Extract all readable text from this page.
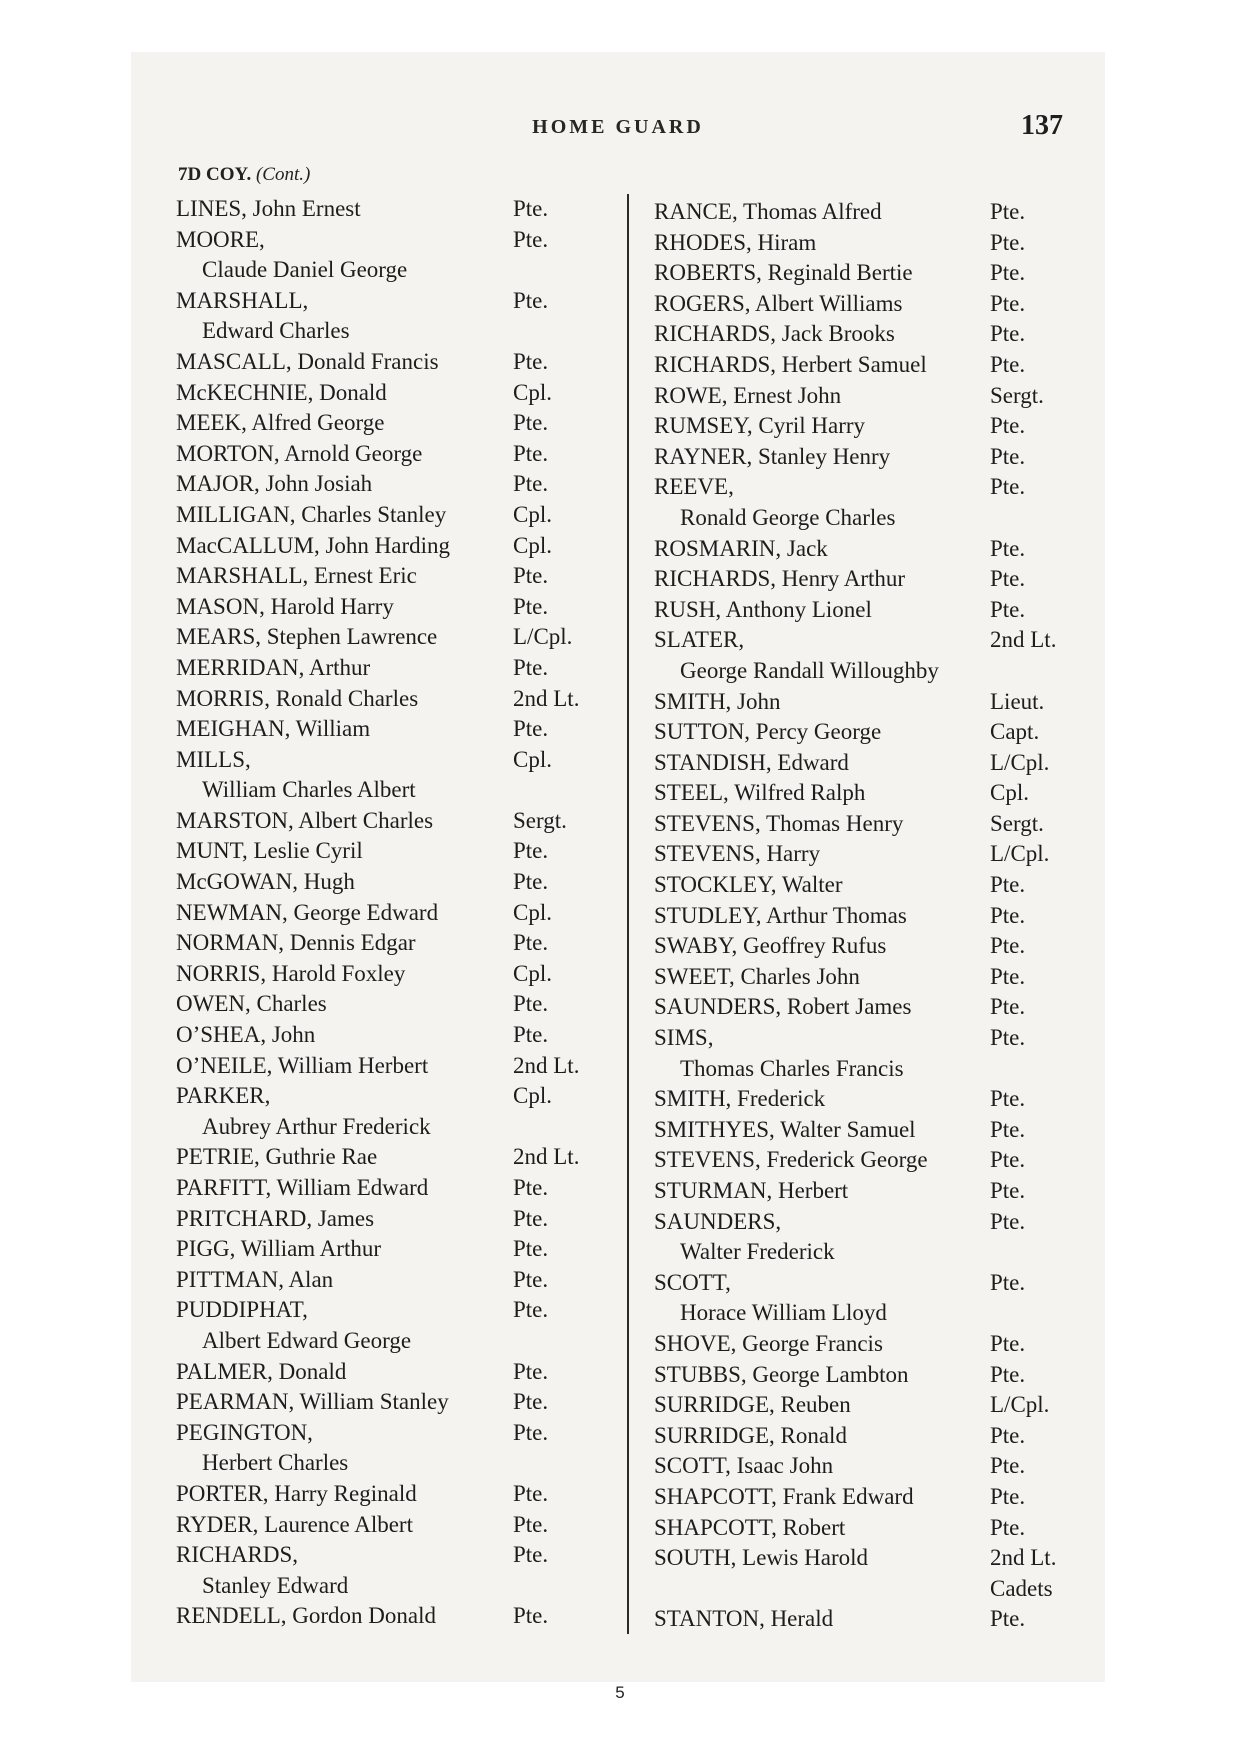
HOME GUARD	137
7D COY. (Cont.)
LINES, John Ernest	Pte.
MOORE,	Pte.
Claude Daniel George
MARSHALL,	Pte.
Edward Charles
MASCALL, Donald Francis	Pte.
McKECHNIE, Donald	Cpl.
MEEK, Alfred George	Pte.
MORTON, Arnold George	Pte.
MAJOR, John Josiah	Pte.
MILLIGAN, Charles Stanley	Cpl.
MacCALLUM, John Harding	Cpl.
MARSHALL, Ernest Eric	Pte.
MASON, Harold Harry	Pte.
MEARS, Stephen Lawrence	L/Cpl.
MERRIDAN, Arthur	Pte.
MORRIS, Ronald Charles	2nd Lt.
MEIGHAN, William	Pte.
MILLS,	Cpl.
William Charles Albert
MARSTON, Albert Charles	Sergt.
MUNT, Leslie Cyril	Pte.
McGOWAN, Hugh	Pte.
NEWMAN, George Edward	Cpl.
NORMAN, Dennis Edgar	Pte.
NORRIS, Harold Foxley	Cpl.
OWEN, Charles	Pte.
O’SHEA, John	Pte.
O’NEILE, William Herbert	2nd Lt.
PARKER,	Cpl.
Aubrey Arthur Frederick
PETRIE, Guthrie Rae	2nd Lt.
PARFITT, William Edward	Pte.
PRITCHARD, James	Pte.
PIGG, William Arthur	Pte.
PITTMAN, Alan	Pte.
PUDDIPHAT,	Pte.
Albert Edward George
PALMER, Donald	Pte.
PEARMAN, William Stanley	Pte.
PEGINGTON,	Pte.
Herbert Charles
PORTER, Harry Reginald	Pte.
RYDER, Laurence Albert	Pte.
RICHARDS,	Pte.
Stanley Edward
RENDELL, Gordon Donald	Pte.
RANCE, Thomas Alfred	Pte.
RHODES, Hiram	Pte.
ROBERTS, Reginald Bertie	Pte.
ROGERS, Albert Williams	Pte.
RICHARDS, Jack Brooks	Pte.
RICHARDS, Herbert Samuel	Pte.
ROWE, Ernest John	Sergt.
RUMSEY, Cyril Harry	Pte.
RAYNER, Stanley Henry	Pte.
REEVE,	Pte.
Ronald George Charles
ROSMARIN, Jack	Pte.
RICHARDS, Henry Arthur	Pte.
RUSH, Anthony Lionel	Pte.
SLATER,	2nd Lt.
George Randall Willoughby
SMITH, John	Lieut.
SUTTON, Percy George	Capt.
STANDISH, Edward	L/Cpl.
STEEL, Wilfred Ralph	Cpl.
STEVENS, Thomas Henry	Sergt.
STEVENS, Harry	L/Cpl.
STOCKLEY, Walter	Pte.
STUDLEY, Arthur Thomas	Pte.
SWABY, Geoffrey Rufus	Pte.
SWEET, Charles John	Pte.
SAUNDERS, Robert James	Pte.
SIMS,	Pte.
Thomas Charles Francis
SMITH, Frederick	Pte.
SMITHYES, Walter Samuel	Pte.
STEVENS, Frederick George	Pte.
STURMAN, Herbert	Pte.
SAUNDERS,	Pte.
Walter Frederick
SCOTT,	Pte.
Horace William Lloyd
SHOVE, George Francis	Pte.
STUBBS, George Lambton	Pte.
SURRIDGE, Reuben	L/Cpl.
SURRIDGE, Ronald	Pte.
SCOTT, Isaac John	Pte.
SHAPCOTT, Frank Edward	Pte.
SHAPCOTT, Robert	Pte.
SOUTH, Lewis Harold	2nd Lt.
Cadets
STANTON, Herald	Pte.
5
